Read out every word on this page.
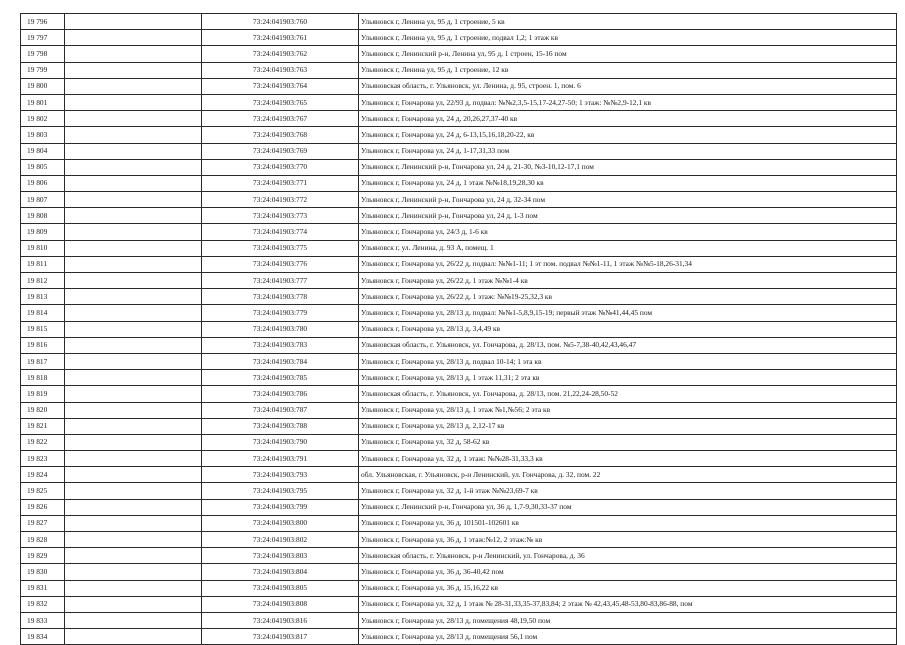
19 796		73:24:041903:760	Ульяновск г, Ленина ул, 95 д, 1 строение, 5 кв
19 797		73:24:041903:761	Ульяновск г, Ленина ул, 95 д, 1 строение, подвал 1,2; 1 этаж кв
19 798		73:24:041903:762	Ульяновск г, Ленинский р-н, Ленина ул, 95 д, 1 строен, 15-16 пом
19 799		73:24:041903:763	Ульяновск г, Ленина ул, 95 д, 1 строение, 12 кв
19 800		73:24:041903:764	Ульяновская область, г. Ульяновск, ул. Ленина, д. 95, строен. 1, пом. 6
19 801		73:24:041903:765	Ульяновск г, Гончарова ул, 22/93 д, подвал: №№2,3,5-15,17-24,27-50; 1 этаж: №№2,9-12,1 кв
19 802		73:24:041903:767	Ульяновск г, Гончарова ул, 24 д, 20,26,27,37-40 кв
19 803		73:24:041903:768	Ульяновск г, Гончарова ул, 24 д, 6-13,15,16,18,20-22, кв
19 804		73:24:041903:769	Ульяновск г, Гончарова ул, 24 д, 1-17,31,33 пом
19 805		73:24:041903:770	Ульяновск г, Ленинский р-н, Гончарова ул, 24 д, 21-30, №3-10,12-17,1 пом
19 806		73:24:041903:771	Ульяновск г, Гончарова ул, 24 д, 1 этаж №№18,19,28,30 кв
19 807		73:24:041903:772	Ульяновск г, Ленинский р-н, Гончарова ул, 24 д, 32-34 пом
19 808		73:24:041903:773	Ульяновск г, Ленинский р-н, Гончарова ул, 24 д, 1-3 пом
19 809		73:24:041903:774	Ульяновск г, Гончарова ул, 24/3 д, 1-6 кв
19 810		73:24:041903:775	Ульяновск г, ул. Ленина, д. 93 А, помещ. 1
19 811		73:24:041903:776	Ульяновск г, Гончарова ул, 26/22 д, подвал: №№1-11; 1 эт пом. подвал №№1-11, 1 этаж №№5-18,26-31,34
19 812		73:24:041903:777	Ульяновск г, Гончарова ул, 26/22 д, 1 этаж №№1-4 кв
19 813		73:24:041903:778	Ульяновск г, Гончарова ул, 26/22 д, 1 этаж: №№19-25,32,3 кв
19 814		73:24:041903:779	Ульяновск г, Гончарова ул, 28/13 д, подвал: №№1-5,8,9,15-19; первый этаж №№41,44,45 пом
19 815		73:24:041903:780	Ульяновск г, Гончарова ул, 28/13 д, 3,4,49 кв
19 816		73:24:041903:783	Ульяновская область, г. Ульяновск, ул. Гончарова, д. 28/13, пом. №5-7,38-40,42,43,46,47
19 817		73:24:041903:784	Ульяновск г, Гончарова ул, 28/13 д, подвал 10-14; 1 эта кв
19 818		73:24:041903:785	Ульяновск г, Гончарова ул, 28/13 д, 1 этаж 11,31; 2 эта кв
19 819		73:24:041903:786	Ульяновская область, г. Ульяновск, ул. Гончарова, д. 28/13, пом. 21,22,24-28,50-52
19 820		73:24:041903:787	Ульяновск г, Гончарова ул, 28/13 д, 1 этаж №1,№56; 2 эта кв
19 821		73:24:041903:788	Ульяновск г, Гончарова ул, 28/13 д, 2,12-17 кв
19 822		73:24:041903:790	Ульяновск г, Гончарова ул, 32 д, 58-62 кв
19 823		73:24:041903:791	Ульяновск г, Гончарова ул, 32 д, 1 этаж: №№28-31,33,3 кв
19 824		73:24:041903:793	обл. Ульяновская, г. Ульяновск, р-н Ленинский, ул. Гончарова, д. 32, пом. 22
19 825		73:24:041903:795	Ульяновск г, Гончарова ул, 32 д, 1-й этаж №№23,69-7 кв
19 826		73:24:041903:799	Ульяновск г, Ленинский р-н, Гончарова ул, 36 д, 1,7-9,30,33-37 пом
19 827		73:24:041903:800	Ульяновск г, Гончарова ул, 36 д, 101501-102601 кв
19 828		73:24:041903:802	Ульяновск г, Гончарова ул, 36 д, 1 этаж:№12, 2 этаж:№ кв
19 829		73:24:041903:803	Ульяновская область, г. Ульяновск, р-н Ленинский, ул. Гончарова, д. 36
19 830		73:24:041903:804	Ульяновск г, Гончарова ул, 36 д, 36-40,42 пом
19 831		73:24:041903:805	Ульяновск г, Гончарова ул, 36 д, 15,16,22 кв
19 832		73:24:041903:808	Ульяновск г, Гончарова ул, 32 д, 1 этаж № 28-31,33,35-37,83,84; 2 этаж № 42,43,45,48-53,80-83,86-88, пом
19 833		73:24:041903:816	Ульяновск г, Гончарова ул, 28/13 д, помещения 48,19,50 пом
19 834		73:24:041903:817	Ульяновск г, Гончарова ул, 28/13 д, помещения 56,1 пом
